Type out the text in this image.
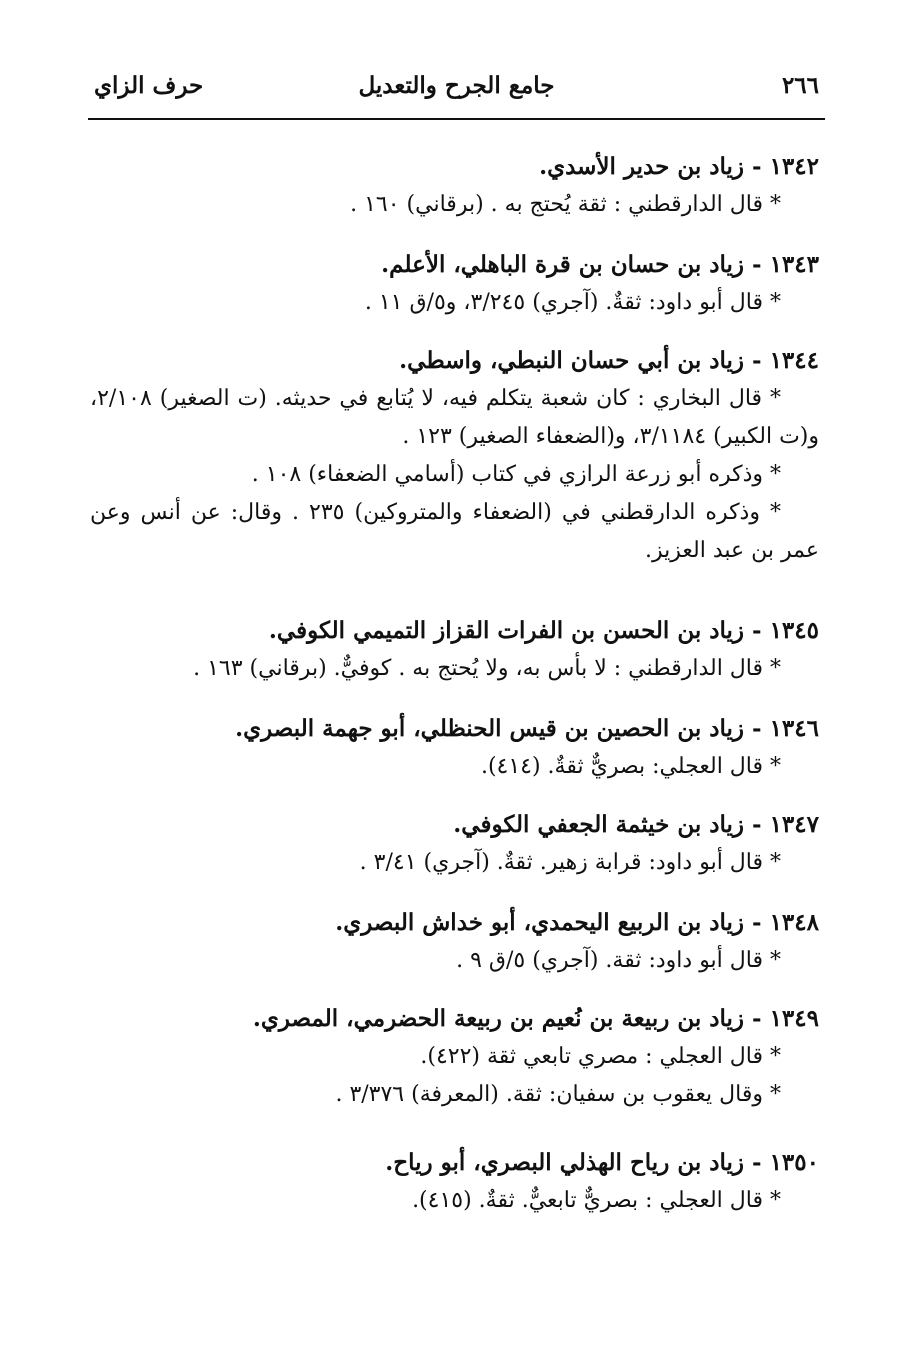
٢٦٦
جامع الجرح والتعديل
حرف الزاي
١٣٤٢ - زياد بن حدير الأسدي.
* قال الدارقطني : ثقة يُحتج به . (برقاني) ١٦٠ .
١٣٤٣ - زياد بن حسان بن قرة الباهلي، الأعلم.
* قال أبو داود: ثقةٌ. (آجري) ٣/٢٤٥، و٥/ق ١١ .
١٣٤٤ - زياد بن أبي حسان النبطي، واسطي.
* قال البخاري : كان شعبة يتكلم فيه، لا يُتابع في حديثه. (ت الصغير) ٢/١٠٨، و(ت الكبير) ٣/١١٨٤، و(الضعفاء الصغير) ١٢٣ .
* وذكره أبو زرعة الرازي في كتاب (أسامي الضعفاء) ١٠٨ .
* وذكره الدارقطني في (الضعفاء والمتروكين) ٢٣٥ . وقال: عن أنس وعن عمر بن عبد العزيز.
١٣٤٥ - زياد بن الحسن بن الفرات القزاز التميمي الكوفي.
* قال الدارقطني : لا بأس به، ولا يُحتج به . كوفيٌّ. (برقاني) ١٦٣ .
١٣٤٦ - زياد بن الحصين بن قيس الحنظلي، أبو جهمة البصري.
* قال العجلي: بصريٌّ ثقةٌ. (٤١٤).
١٣٤٧ - زياد بن خيثمة الجعفي الكوفي.
* قال أبو داود: قرابة زهير. ثقةٌ. (آجري) ٣/٤١ .
١٣٤٨ - زياد بن الربيع اليحمدي، أبو خداش البصري.
* قال أبو داود: ثقة. (آجري) ٥/ق ٩ .
١٣٤٩ - زياد بن ربيعة بن نُعيم بن ربيعة الحضرمي، المصري.
* قال العجلي : مصري تابعي ثقة (٤٢٢).
* وقال يعقوب بن سفيان: ثقة. (المعرفة) ٣/٣٧٦ .
١٣٥٠ - زياد بن رياح الهذلي البصري، أبو رياح.
* قال العجلي : بصريٌّ تابعيٌّ. ثقةٌ. (٤١٥).
